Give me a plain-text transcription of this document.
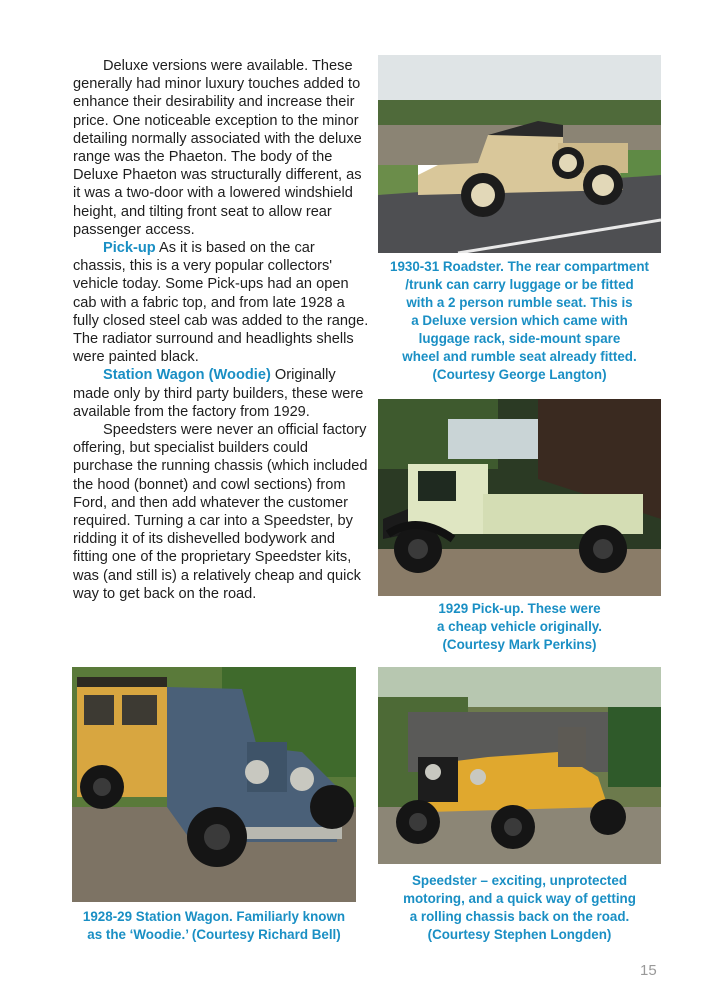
Deluxe versions were available. These generally had minor luxury touches added to enhance their desirability and increase their price. One noticeable exception to the minor detailing normally associated with the deluxe range was the Phaeton. The body of the Deluxe Phaeton was structurally different, as it was a two-door with a lowered windshield height, and tilting front seat to allow rear passenger access.

Pick-up As it is based on the car chassis, this is a very popular collectors' vehicle today. Some Pick-ups had an open cab with a fabric top, and from late 1928 a fully closed steel cab was added to the range. The radiator surround and headlights shells were painted black.

Station Wagon (Woodie) Originally made only by third party builders, these were available from the factory from 1929.

Speedsters were never an official factory offering, but specialist builders could purchase the running chassis (which included the hood (bonnet) and cowl sections) from Ford, and then add whatever the customer required. Turning a car into a Speedster, by ridding it of its dishevelled bodywork and fitting one of the proprietary Speedster kits, was (and still is) a relatively cheap and quick way to get back on the road.

1930-31 Roadster. The rear compartment
/trunk can carry luggage or be fitted
with a 2 person rumble seat. This is
a Deluxe version which came with
luggage rack, side-mount spare
wheel and rumble seat already fitted.
(Courtesy George Langton)
1929 Pick-up. These were
a cheap vehicle originally.
(Courtesy Mark Perkins)
1928-29 Station Wagon. Familiarly known
as the ‘Woodie.’ (Courtesy Richard Bell)
Speedster – exciting, unprotected
motoring, and a quick way of getting
a rolling chassis back on the road.
(Courtesy Stephen Longden)
15
